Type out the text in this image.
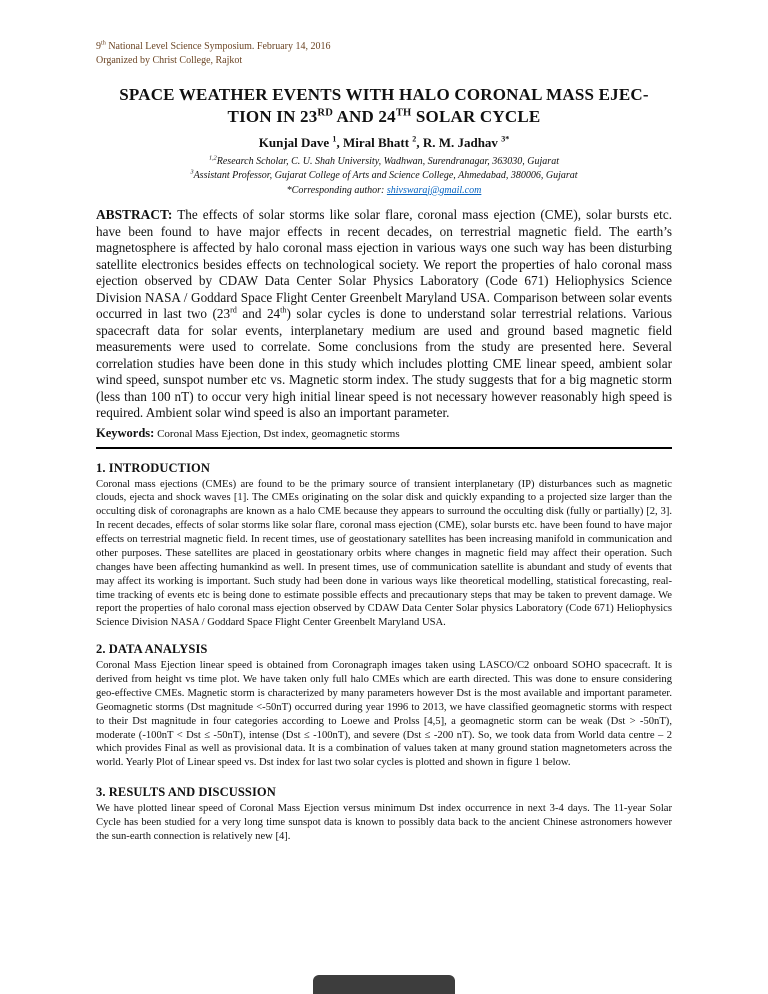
9th National Level Science Symposium. February 14, 2016
Organized by Christ College, Rajkot
SPACE WEATHER EVENTS WITH HALO CORONAL MASS EJEC-
TION IN 23RD AND 24TH SOLAR CYCLE
Kunjal Dave $^1$, Miral Bhatt $^2$, R. M. Jadhav $^{3*}$
$^{1,2}$Research Scholar, C. U. Shah University, Wadhwan, Surendranagar, 363030, Gujarat
$^3$Assistant Professor, Gujarat College of Arts and Science College, Ahmedabad, 380006, Gujarat
*Corresponding author: shivswaraj@gmail.com

ABSTRACT: The effects of solar storms like solar flare, coronal mass ejection (CME), solar bursts etc. have been found to have major effects in recent decades, on terrestrial magnetic field. The earth’s magnetosphere is affected by halo coronal mass ejection in various ways one such way has been disturbing satellite electronics besides effects on technological society. We report the properties of halo coronal mass ejection observed by CDAW Data Center Solar Physics Laboratory (Code 671) Heliophysics Science Division NASA / Goddard Space Flight Center Greenbelt Maryland USA. Comparison between solar events occurred in last two (23rd and 24th) solar cycles is done to understand solar terrestrial relations. Various spacecraft data for solar events, interplanetary medium are used and ground based magnetic field measurements were used to correlate. Some conclusions from the study are presented here. Several correlation studies have been done in this study which includes plotting CME linear speed, ambient solar wind speed, sunspot number etc vs. Magnetic storm index. The study suggests that for a big magnetic storm (less than 100 nT) to occur very high initial linear speed is not necessary however reasonably high speed is required. Ambient solar wind speed is also an important parameter.

Keywords: Coronal Mass Ejection, Dst index, geomagnetic storms

1. INTRODUCTION

Coronal mass ejections (CMEs) are found to be the primary source of transient interplanetary (IP) disturbances such as magnetic clouds, ejecta and shock waves [1]. The CMEs originating on the solar disk and quickly expanding to a projected size larger than the occulting disk of coronagraphs are known as a halo CME because they appears to surround the occulting disk (fully or partially) [2, 3]. In recent decades, effects of solar storms like solar flare, coronal mass ejection (CME), solar bursts etc. have been found to have major effects on terrestrial magnetic field. In recent times, use of geostationary satellites has been increasing manifold in communication and other purposes. These satellites are placed in geostationary orbits where changes in magnetic field may affect their operation. Such changes have been affecting humankind as well. In present times, use of communication satellite is abundant and study of events that may affect its working is important. Such study had been done in various ways like theoretical modelling, statistical forecasting, real-time tracking of events etc is being done to estimate possible effects and precautionary steps that may be taken to prevent damage. We report the properties of halo coronal mass ejection observed by CDAW Data Center Solar physics Laboratory (Code 671) Heliophysics Science Division NASA / Goddard Space Flight Center Greenbelt Maryland USA.

2. DATA ANALYSIS

Coronal Mass Ejection linear speed is obtained from Coronagraph images taken using LASCO/C2 onboard SOHO spacecraft. It is derived from height vs time plot. We have taken only full halo CMEs which are earth directed. This was done to ensure considering geo-effective CMEs. Magnetic storm is characterized by many parameters however Dst is the most available and important parameter. Geomagnetic storms (Dst magnitude <-50nT) occurred during year 1996 to 2013, we have classified geomagnetic storms with respect to their Dst magnitude in four categories according to Loewe and Prolss [4,5], a geomagnetic storm can be weak (Dst > -50nT), moderate (-100nT < Dst ≤ -50nT), intense (Dst ≤ -100nT), and severe (Dst ≤ -200 nT). So, we took data from World data centre – 2 which provides Final as well as provisional data. It is a combination of values taken at many ground station magnetometers across the world. Yearly Plot of Linear speed vs. Dst index for last two solar cycles is plotted and shown in figure 1 below.

3. RESULTS AND DISCUSSION

We have plotted linear speed of Coronal Mass Ejection versus minimum Dst index occurrence in next 3-4 days. The 11-year Solar Cycle has been studied for a very long time sunspot data is known to possibly data back to the ancient Chinese astronomers however the sun-earth connection is relatively new [4].
